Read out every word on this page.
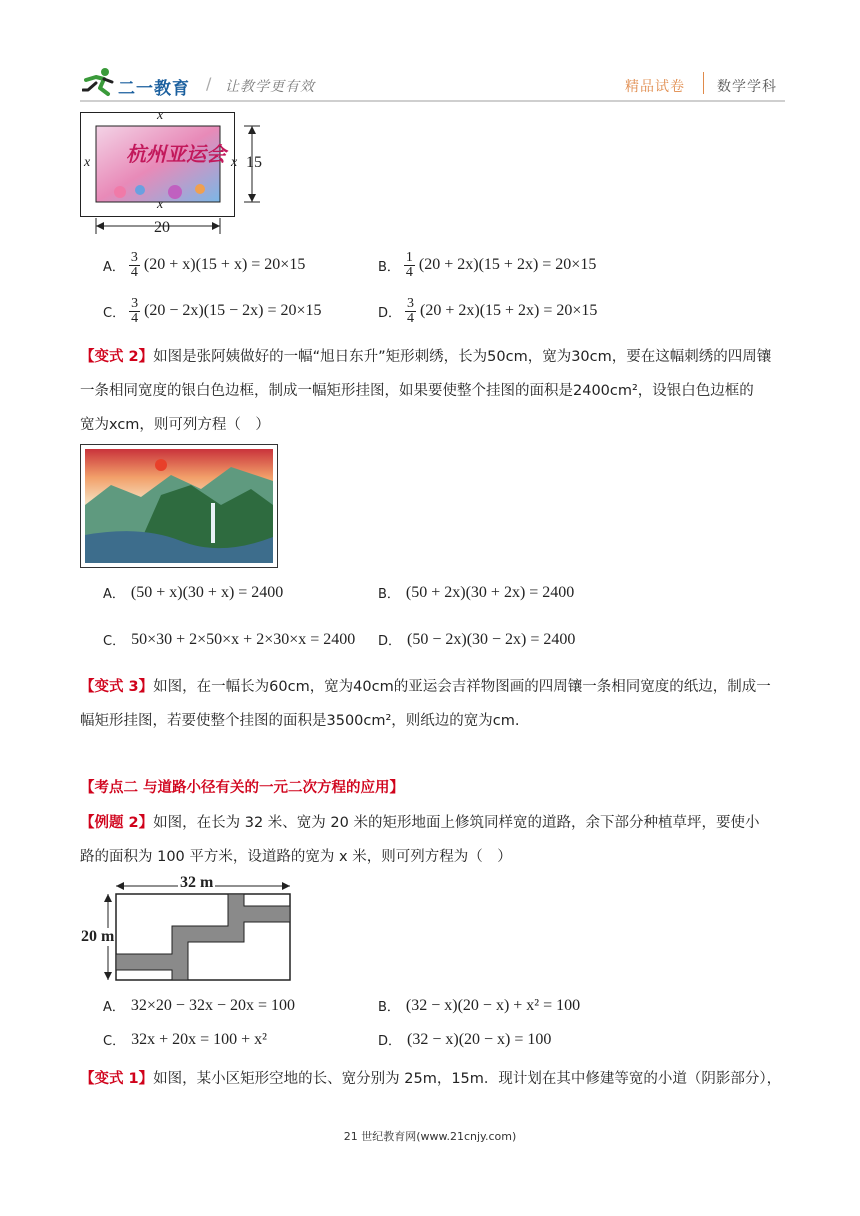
二一教育 / 让教学更有效	精品试卷 数学学科
杭州亚运会
x
x
x	x 15
20
A． $\frac{3}{4} (20 + x)(15 + x) = 20\times 15$	B． $\frac{1}{4} (20 + 2x)(15 + 2x) = 20\times 15$
C． $\frac{3}{4} (20 - 2x)(15 - 2x) = 20\times 15$	D． $\frac{3}{4} (20 + 2x)(15 + 2x) = 20\times 15$
【变式 2】如图是张阿姨做好的一幅“旭日东升”矩形刺绣，长为50cm，宽为30cm，要在这幅刺绣的四周镶
一条相同宽度的银白色边框，制成一幅矩形挂图，如果要使整个挂图的面积是2400cm²，设银白色边框的
宽为xcm，则可列方程（　）
A． (50 + x)(30 + x) = 2400	B． (50 + 2x)(30 + 2x) = 2400
C． 50×30 + 2×50×x + 2×30×x = 2400 D． (50 − 2x)(30 − 2x) = 2400
【变式 3】如图，在一幅长为60cm，宽为40cm的亚运会吉祥物图画的四周镶一条相同宽度的纸边，制成一
幅矩形挂图，若要使整个挂图的面积是3500cm²，则纸边的宽为cm.
【考点二 与道路小径有关的一元二次方程的应用】
【例题 2】如图，在长为 32 米、宽为 20 米的矩形地面上修筑同样宽的道路，余下部分种植草坪，要使小
路的面积为 100 平方米，设道路的宽为 x 米，则可列方程为（　）
32 m
20 m
A． 32×20 − 32x − 20x = 100	B． (32 − x)(20 − x) + x² = 100
C． 32x + 20x = 100 + x²	D． (32 − x)(20 − x) = 100
【变式 1】如图，某小区矩形空地的长、宽分别为 25m，15m．现计划在其中修建等宽的小道（阴影部分），
21 世纪教育网(www.21cnjy.com)
